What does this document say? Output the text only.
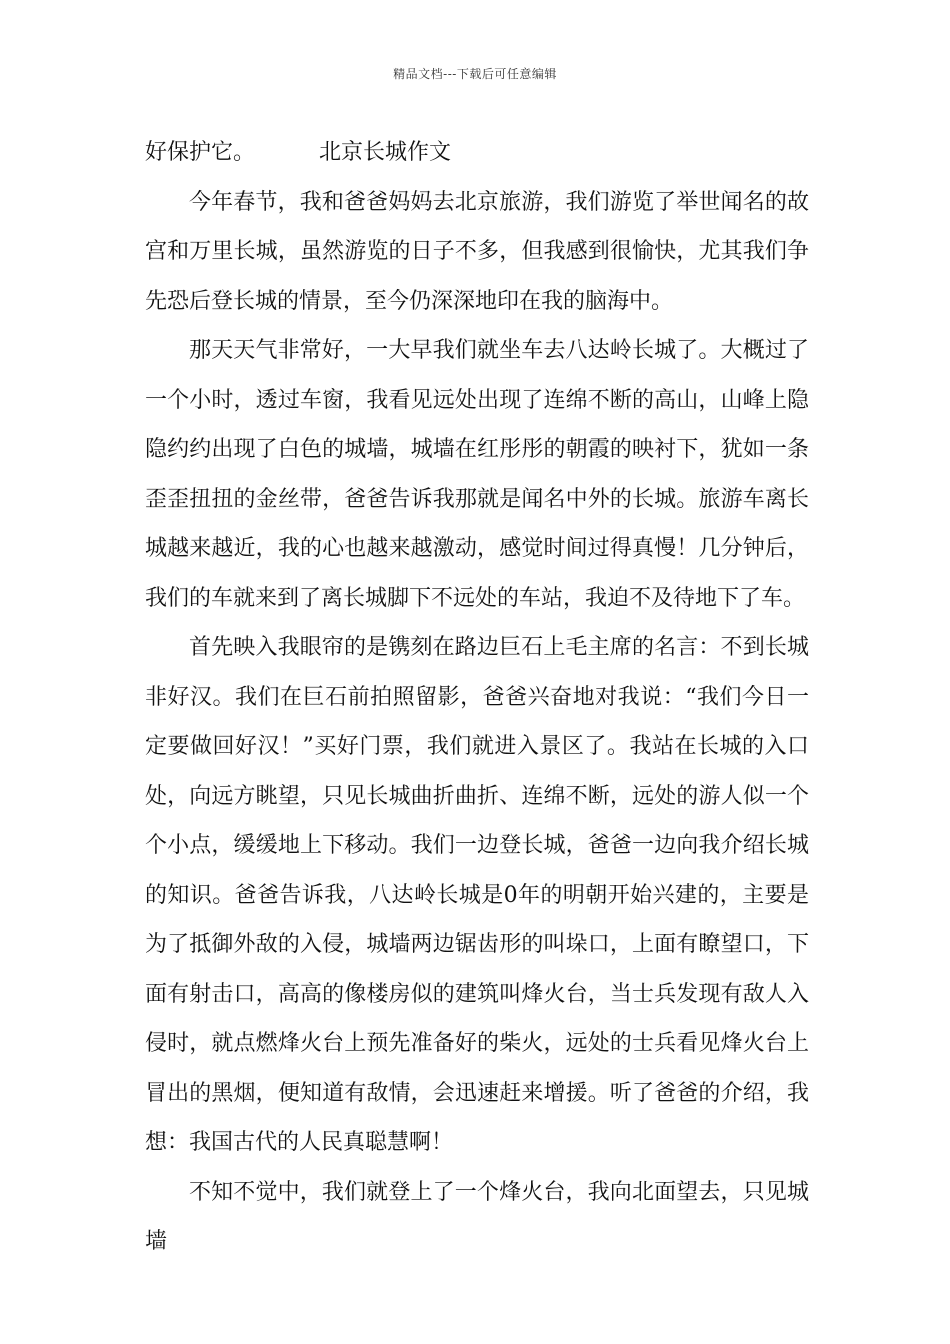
精品文档---下载后可任意编辑

好保护它。	北京长城作文

今年春节，我和爸爸妈妈去北京旅游，我们游览了举世闻名的故宫和万里长城，虽然游览的日子不多，但我感到很愉快，尤其我们争先恐后登长城的情景，至今仍深深地印在我的脑海中。

那天天气非常好，一大早我们就坐车去八达岭长城了。大概过了一个小时，透过车窗，我看见远处出现了连绵不断的高山，山峰上隐隐约约出现了白色的城墙，城墙在红彤彤的朝霞的映衬下，犹如一条歪歪扭扭的金丝带，爸爸告诉我那就是闻名中外的长城。旅游车离长城越来越近，我的心也越来越激动，感觉时间过得真慢！几分钟后，我们的车就来到了离长城脚下不远处的车站，我迫不及待地下了车。

首先映入我眼帘的是镌刻在路边巨石上毛主席的名言：不到长城非好汉。我们在巨石前拍照留影，爸爸兴奋地对我说：“我们今日一定要做回好汉！”买好门票，我们就进入景区了。我站在长城的入口处，向远方眺望，只见长城曲折曲折、连绵不断，远处的游人似一个个小点，缓缓地上下移动。我们一边登长城，爸爸一边向我介绍长城的知识。爸爸告诉我，八达岭长城是0年的明朝开始兴建的，主要是为了抵御外敌的入侵，城墙两边锯齿形的叫垛口，上面有瞭望口，下面有射击口，高高的像楼房似的建筑叫烽火台，当士兵发现有敌人入侵时，就点燃烽火台上预先准备好的柴火，远处的士兵看见烽火台上冒出的黑烟，便知道有敌情，会迅速赶来增援。听了爸爸的介绍，我想：我国古代的人民真聪慧啊！

不知不觉中，我们就登上了一个烽火台，我向北面望去，只见城墙
